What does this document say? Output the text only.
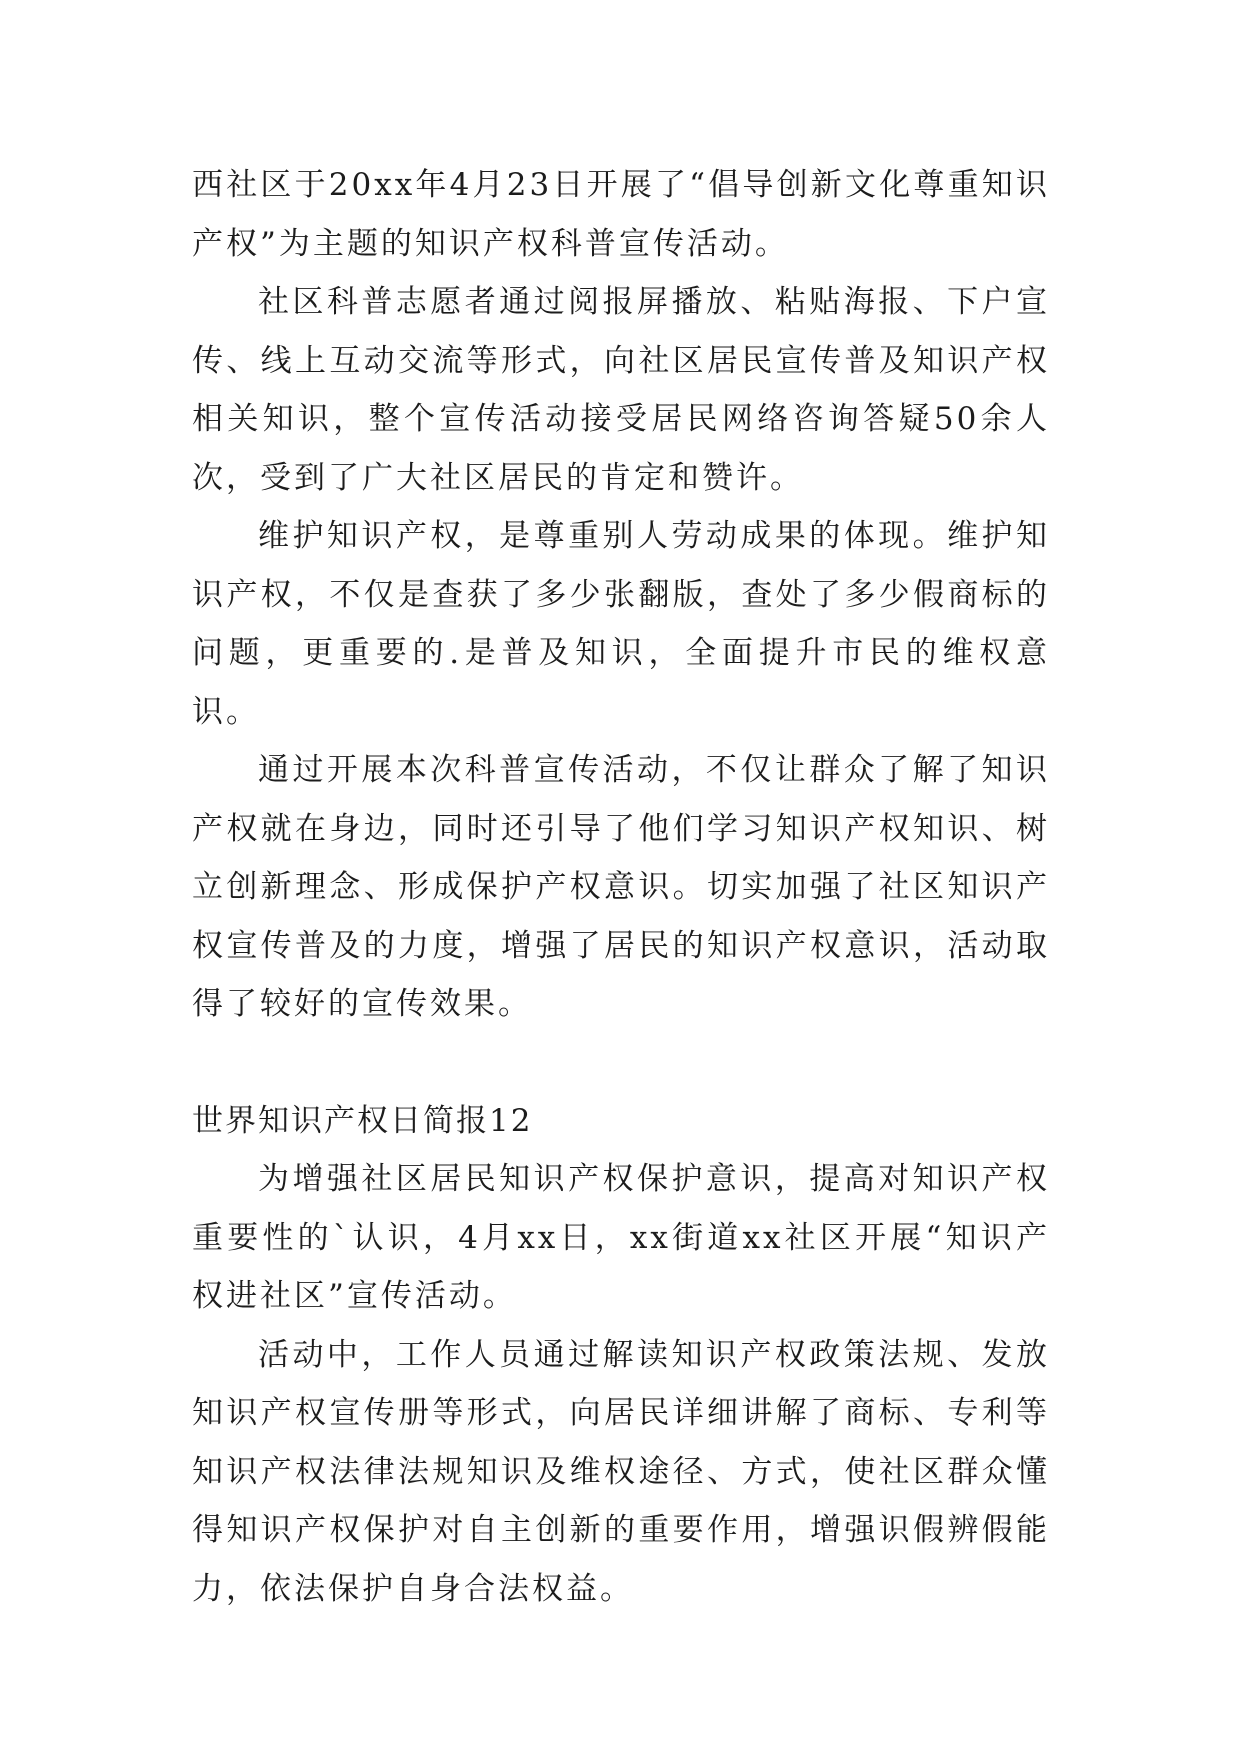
西社区于20xx年4月23日开展了“倡导创新文化尊重知识产权”为主题的知识产权科普宣传活动。

社区科普志愿者通过阅报屏播放、粘贴海报、下户宣传、线上互动交流等形式，向社区居民宣传普及知识产权相关知识，整个宣传活动接受居民网络咨询答疑50余人次，受到了广大社区居民的肯定和赞许。

维护知识产权，是尊重别人劳动成果的体现。维护知识产权，不仅是查获了多少张翻版，查处了多少假商标的问题，更重要的.是普及知识，全面提升市民的维权意识。

通过开展本次科普宣传活动，不仅让群众了解了知识产权就在身边，同时还引导了他们学习知识产权知识、树立创新理念、形成保护产权意识。切实加强了社区知识产权宣传普及的力度，增强了居民的知识产权意识，活动取得了较好的宣传效果。

世界知识产权日简报12

为增强社区居民知识产权保护意识，提高对知识产权重要性的`认识，4月xx日，xx街道xx社区开展“知识产权进社区”宣传活动。

活动中，工作人员通过解读知识产权政策法规、发放知识产权宣传册等形式，向居民详细讲解了商标、专利等知识产权法律法规知识及维权途径、方式，使社区群众懂得知识产权保护对自主创新的重要作用，增强识假辨假能力，依法保护自身合法权益。
